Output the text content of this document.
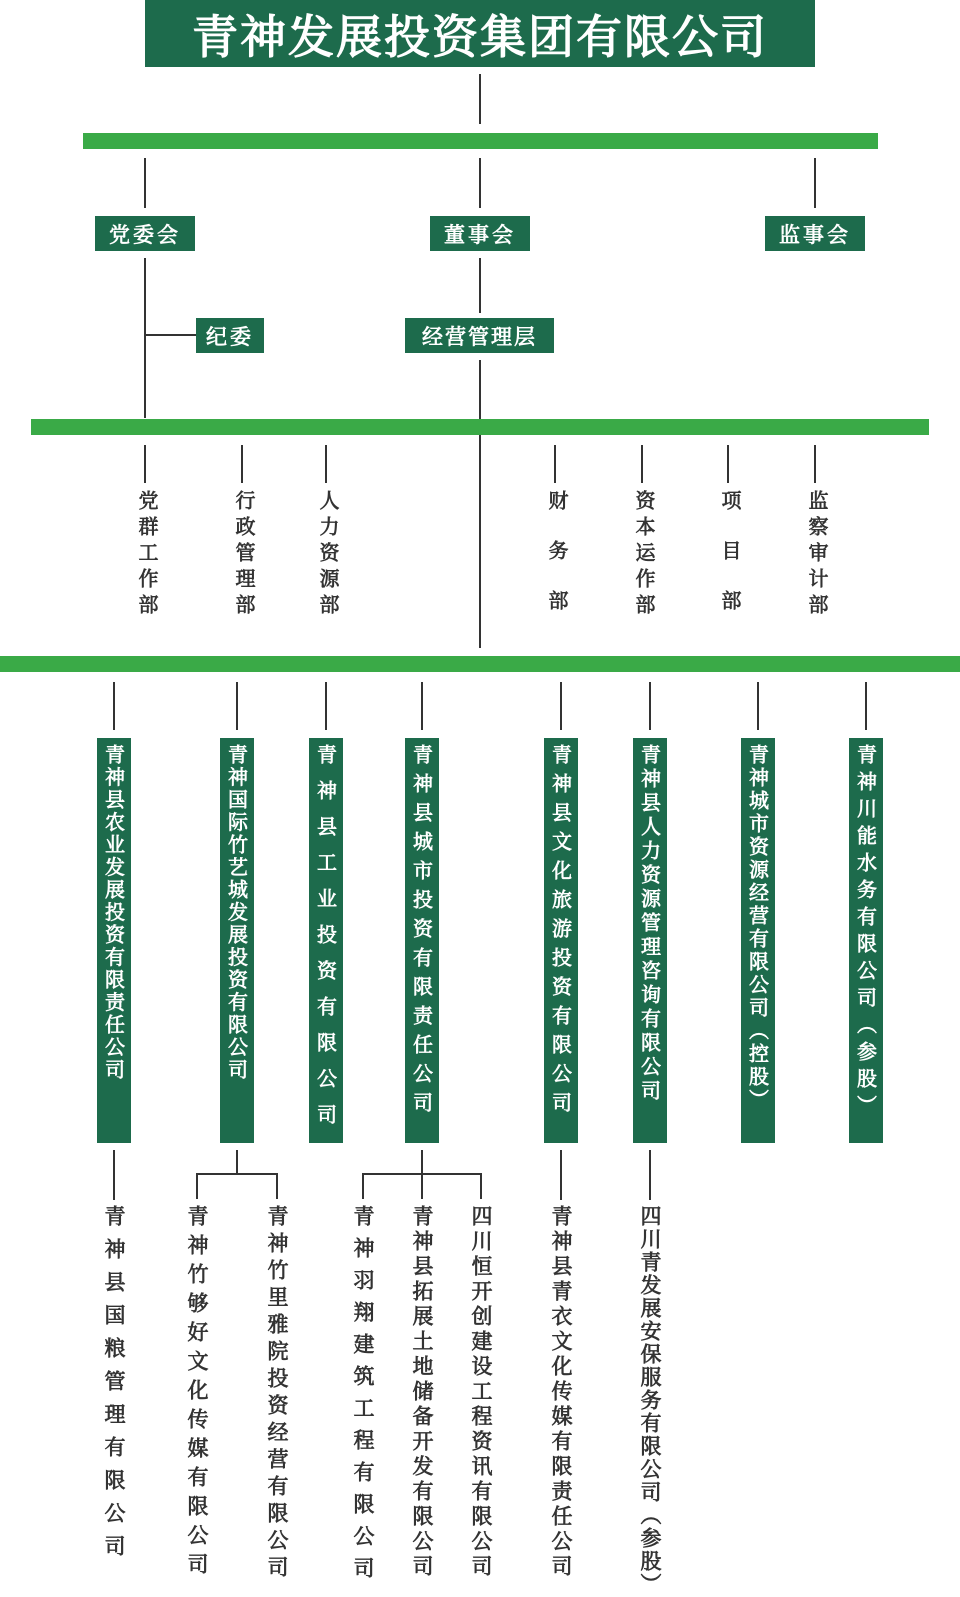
青神发展投资集团有限公司
党委会	董事会	监事会
纪委	经营管理层
党群工作部	行政管理部	人力资源部	财务部	资本运作部	项目部	监察审计部
青神县农业发展投资有限责任公司	青神国际竹艺城发展投资有限公司	青神县工业投资有限公司	青神县城市投资有限责任公司	青神县文化旅游投资有限公司	青神县人力资源管理咨询有限公司	青神城市资源经营有限公司（控股）	青神川能水务有限公司（参股）
青神县国粮管理有限公司	青神竹够好文化传媒有限公司	青神竹里雅院投资经营有限公司	青神羽翔建筑工程有限公司 青神县拓展土地储备开发有限公司 四川恒开创建设工程资讯有限公司	青神县青衣文化传媒有限责任公司	四川青发展安保服务有限公司（参股）
